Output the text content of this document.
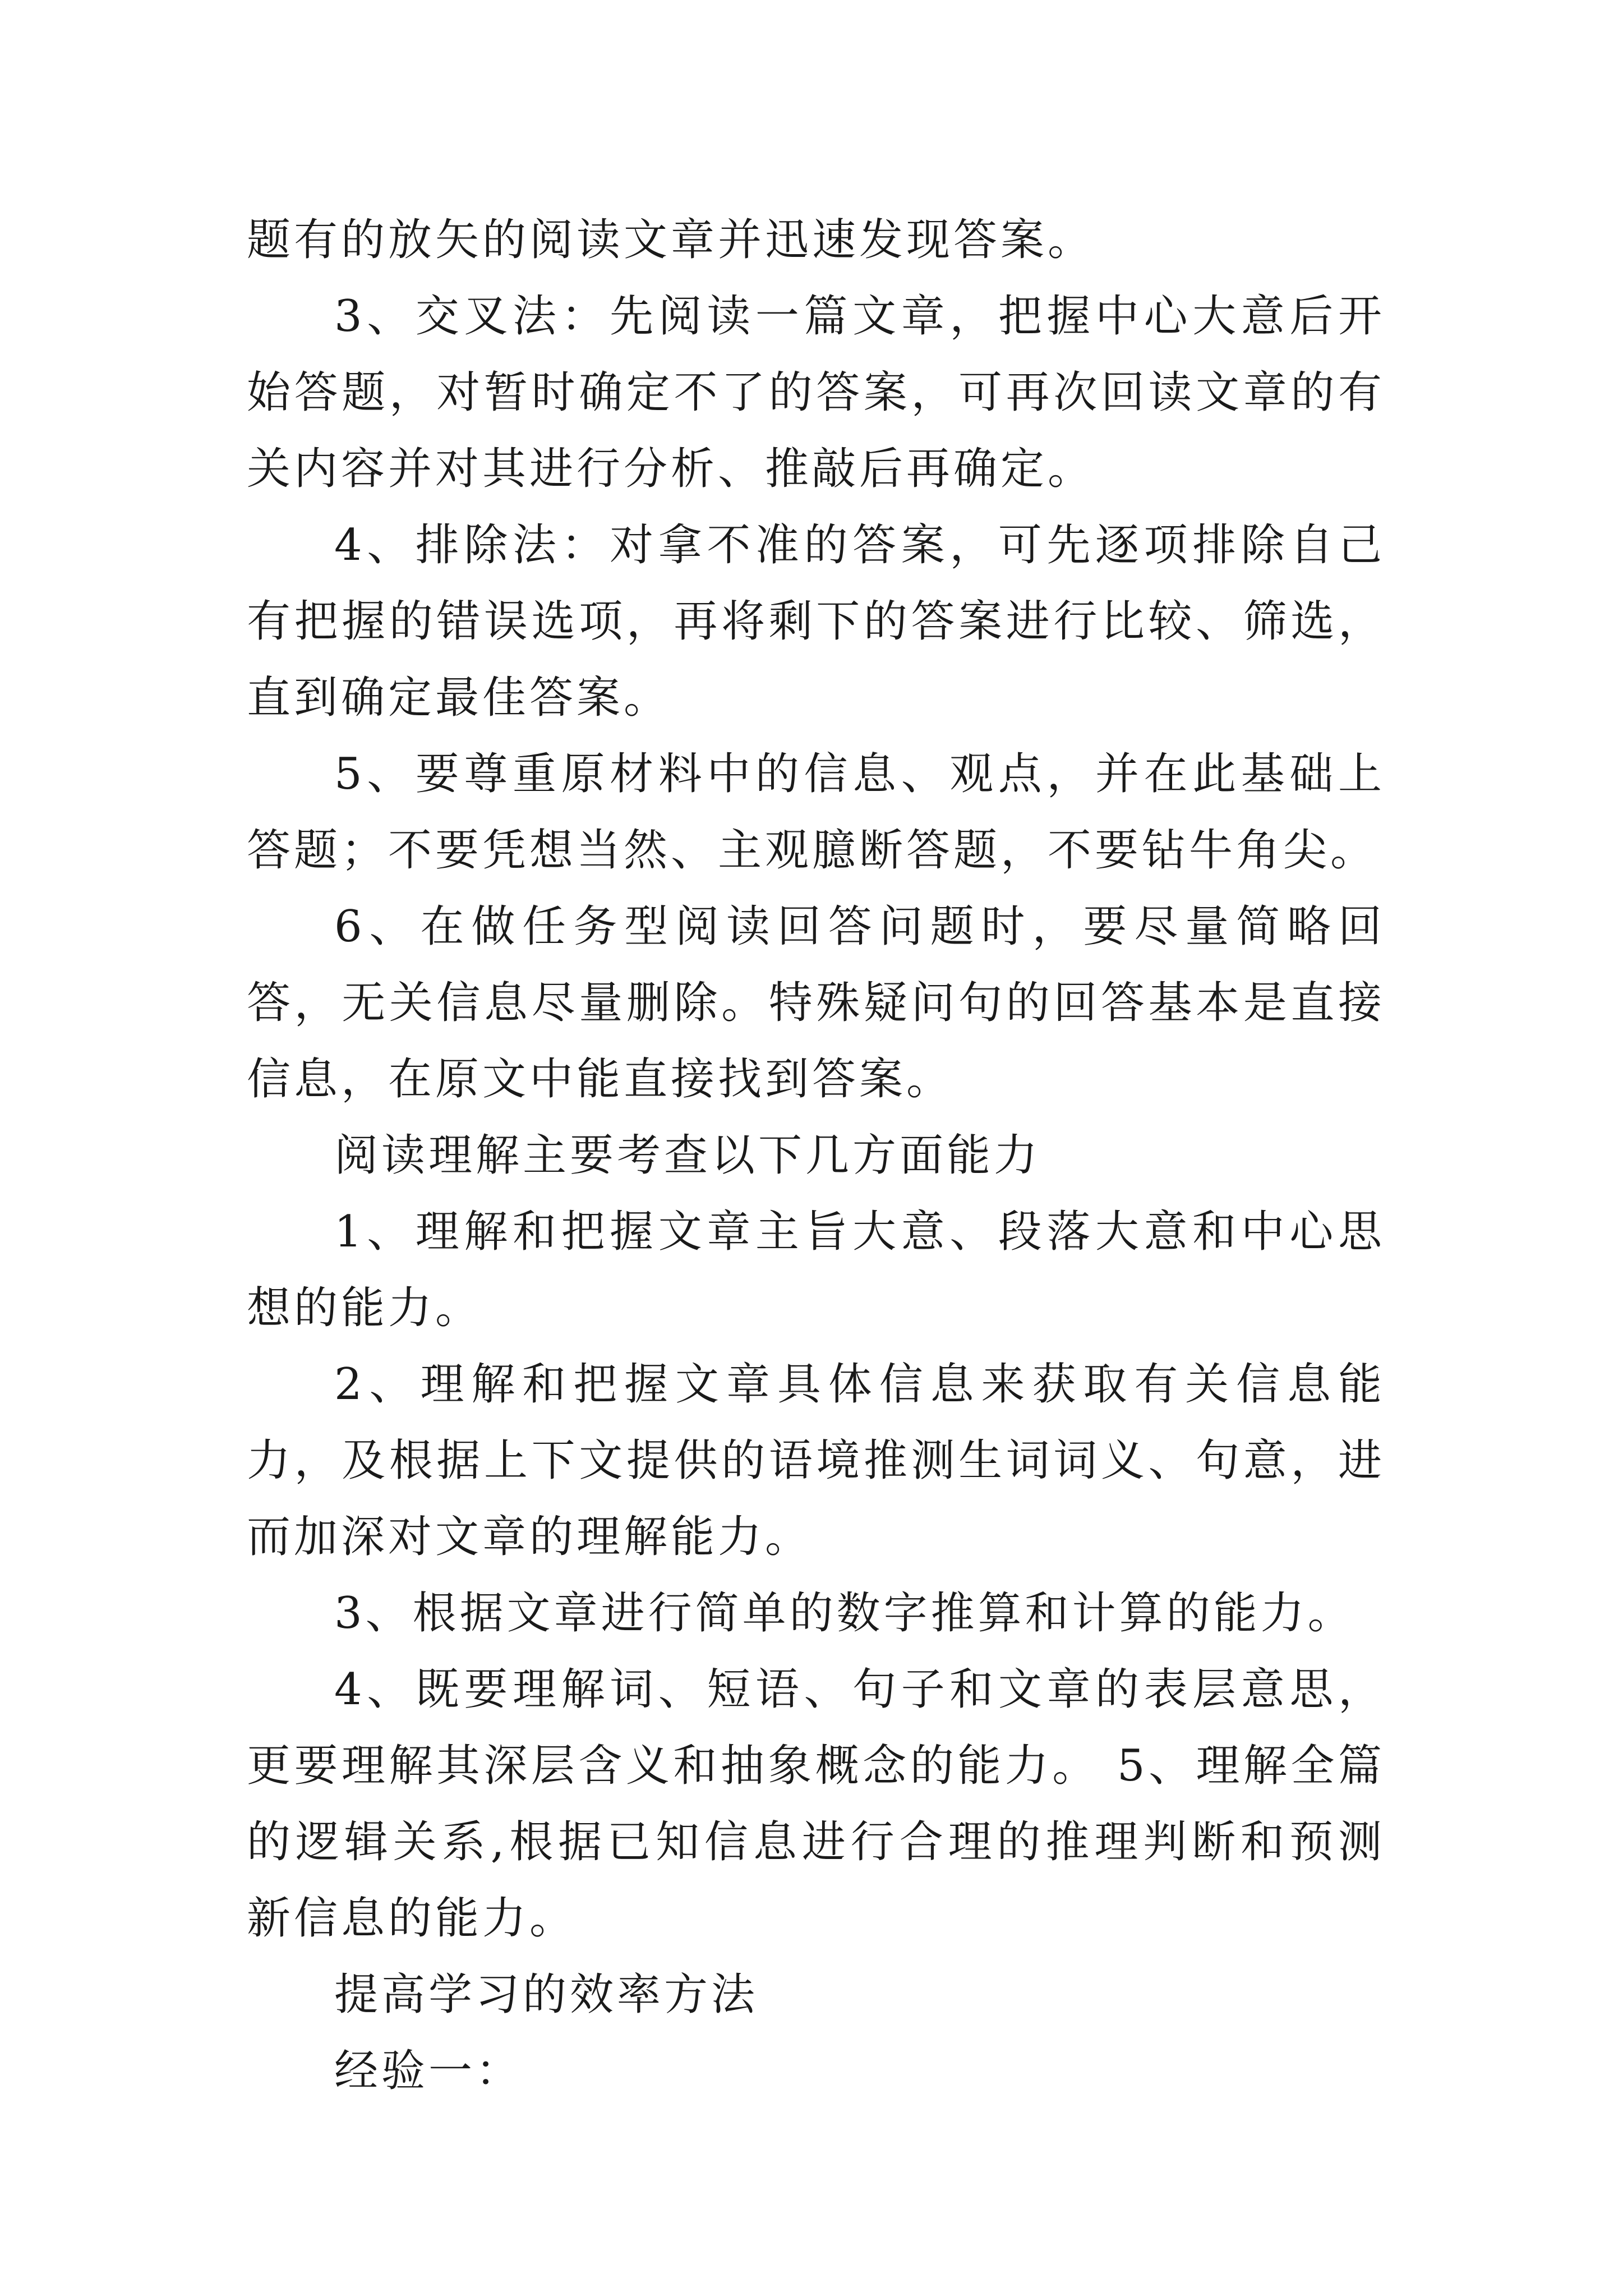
题有的放矢的阅读文章并迅速发现答案。

3、交叉法：先阅读一篇文章，把握中心大意后开始答题，对暂时确定不了的答案，可再次回读文章的有关内容并对其进行分析、推敲后再确定。

4、排除法：对拿不准的答案，可先逐项排除自己有把握的错误选项，再将剩下的答案进行比较、筛选，直到确定最佳答案。

5、要尊重原材料中的信息、观点，并在此基础上答题；不要凭想当然、主观臆断答题，不要钻牛角尖。

6、在做任务型阅读回答问题时，要尽量简略回答，无关信息尽量删除。特殊疑问句的回答基本是直接信息，在原文中能直接找到答案。

阅读理解主要考查以下几方面能力

1、理解和把握文章主旨大意、段落大意和中心思想的能力。

2、理解和把握文章具体信息来获取有关信息能力，及根据上下文提供的语境推测生词词义、句意，进而加深对文章的理解能力。

3、根据文章进行简单的数字推算和计算的能力。

4、既要理解词、短语、句子和文章的表层意思，更要理解其深层含义和抽象概念的能力。 5、理解全篇的逻辑关系,根据已知信息进行合理的推理判断和预测新信息的能力。

提高学习的效率方法

经验一：
